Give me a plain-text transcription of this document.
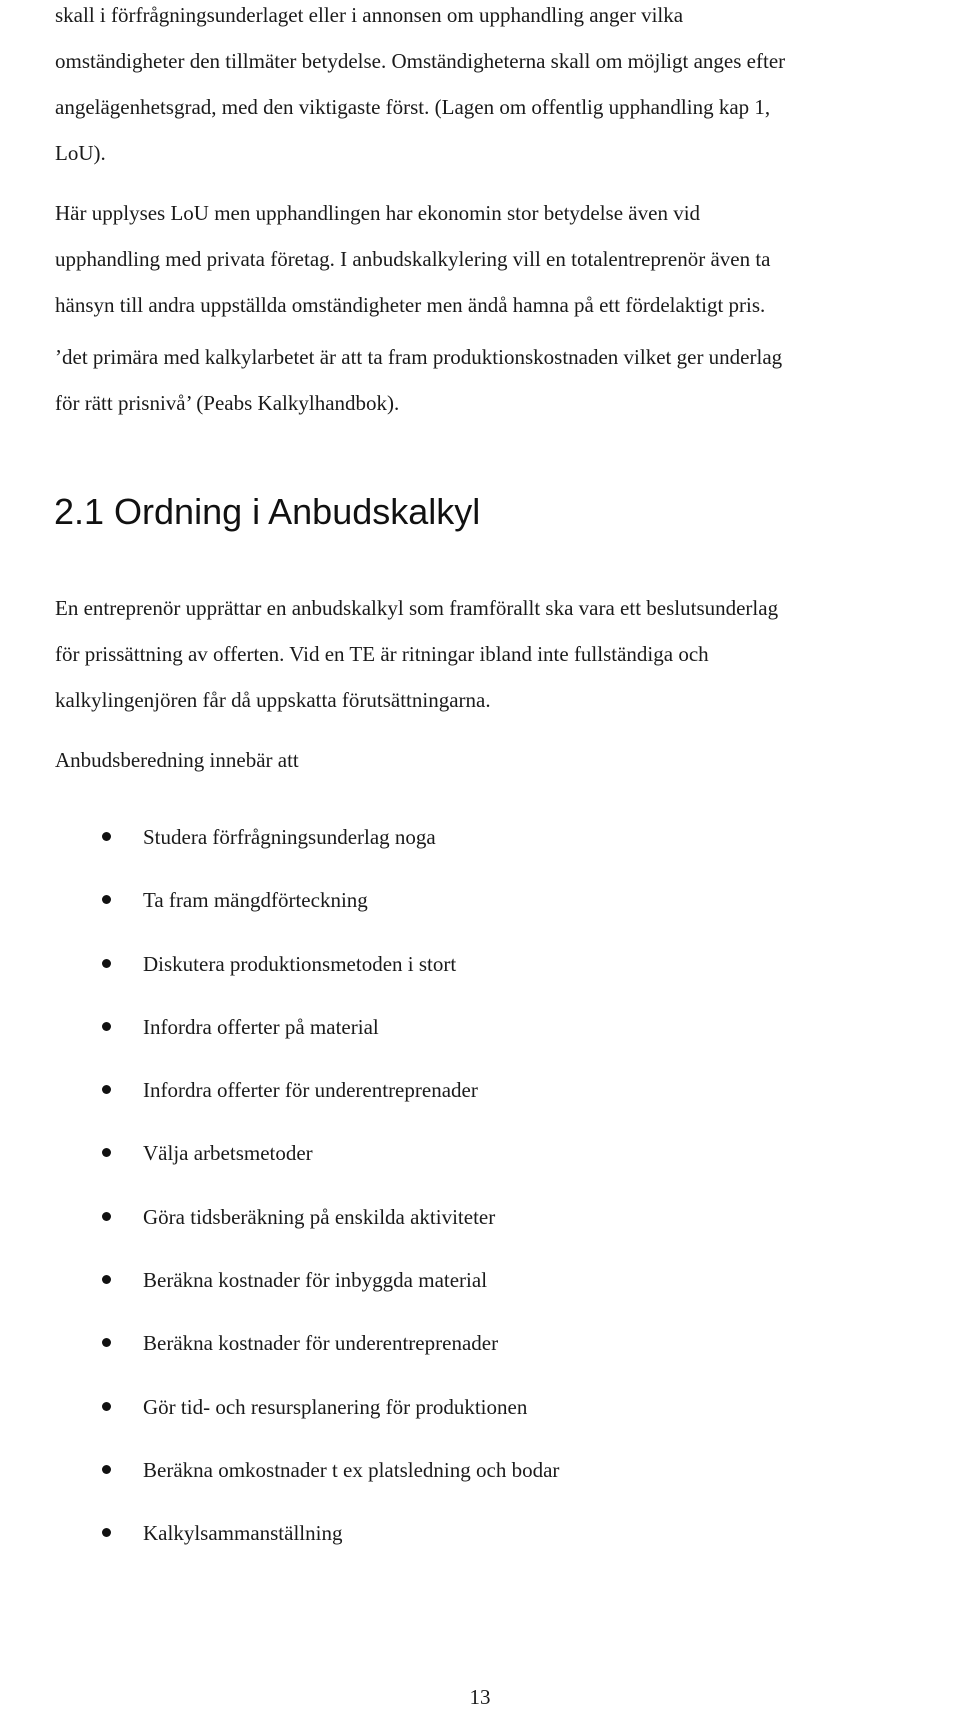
skall i förfrågningsunderlaget eller i annonsen om upphandling anger vilka
omständigheter den tillmäter betydelse. Omständigheterna skall om möjligt anges efter
angelägenhetsgrad, med den viktigaste först. (Lagen om offentlig upphandling kap 1,
LoU).

Här upplyses LoU men upphandlingen har ekonomin stor betydelse även vid
upphandling med privata företag. I anbudskalkylering vill en totalentreprenör även ta
hänsyn till andra uppställda omständigheter men ändå hamna på ett fördelaktigt pris.

’det primära med kalkylarbetet är att ta fram produktionskostnaden vilket ger underlag
för rätt prisnivå’ (Peabs Kalkylhandbok).

2.1 Ordning i Anbudskalkyl

En entreprenör upprättar en anbudskalkyl som framförallt ska vara ett beslutsunderlag
för prissättning av offerten. Vid en TE är ritningar ibland inte fullständiga och
kalkylingenjören får då uppskatta förutsättningarna.

Anbudsberedning innebär att

Studera förfrågningsunderlag noga
Ta fram mängdförteckning
Diskutera produktionsmetoden i stort
Infordra offerter på material
Infordra offerter för underentreprenader
Välja arbetsmetoder
Göra tidsberäkning på enskilda aktiviteter
Beräkna kostnader för inbyggda material
Beräkna kostnader för underentreprenader
Gör tid- och resursplanering för produktionen
Beräkna omkostnader t ex platsledning och bodar
Kalkylsammanställning

13
